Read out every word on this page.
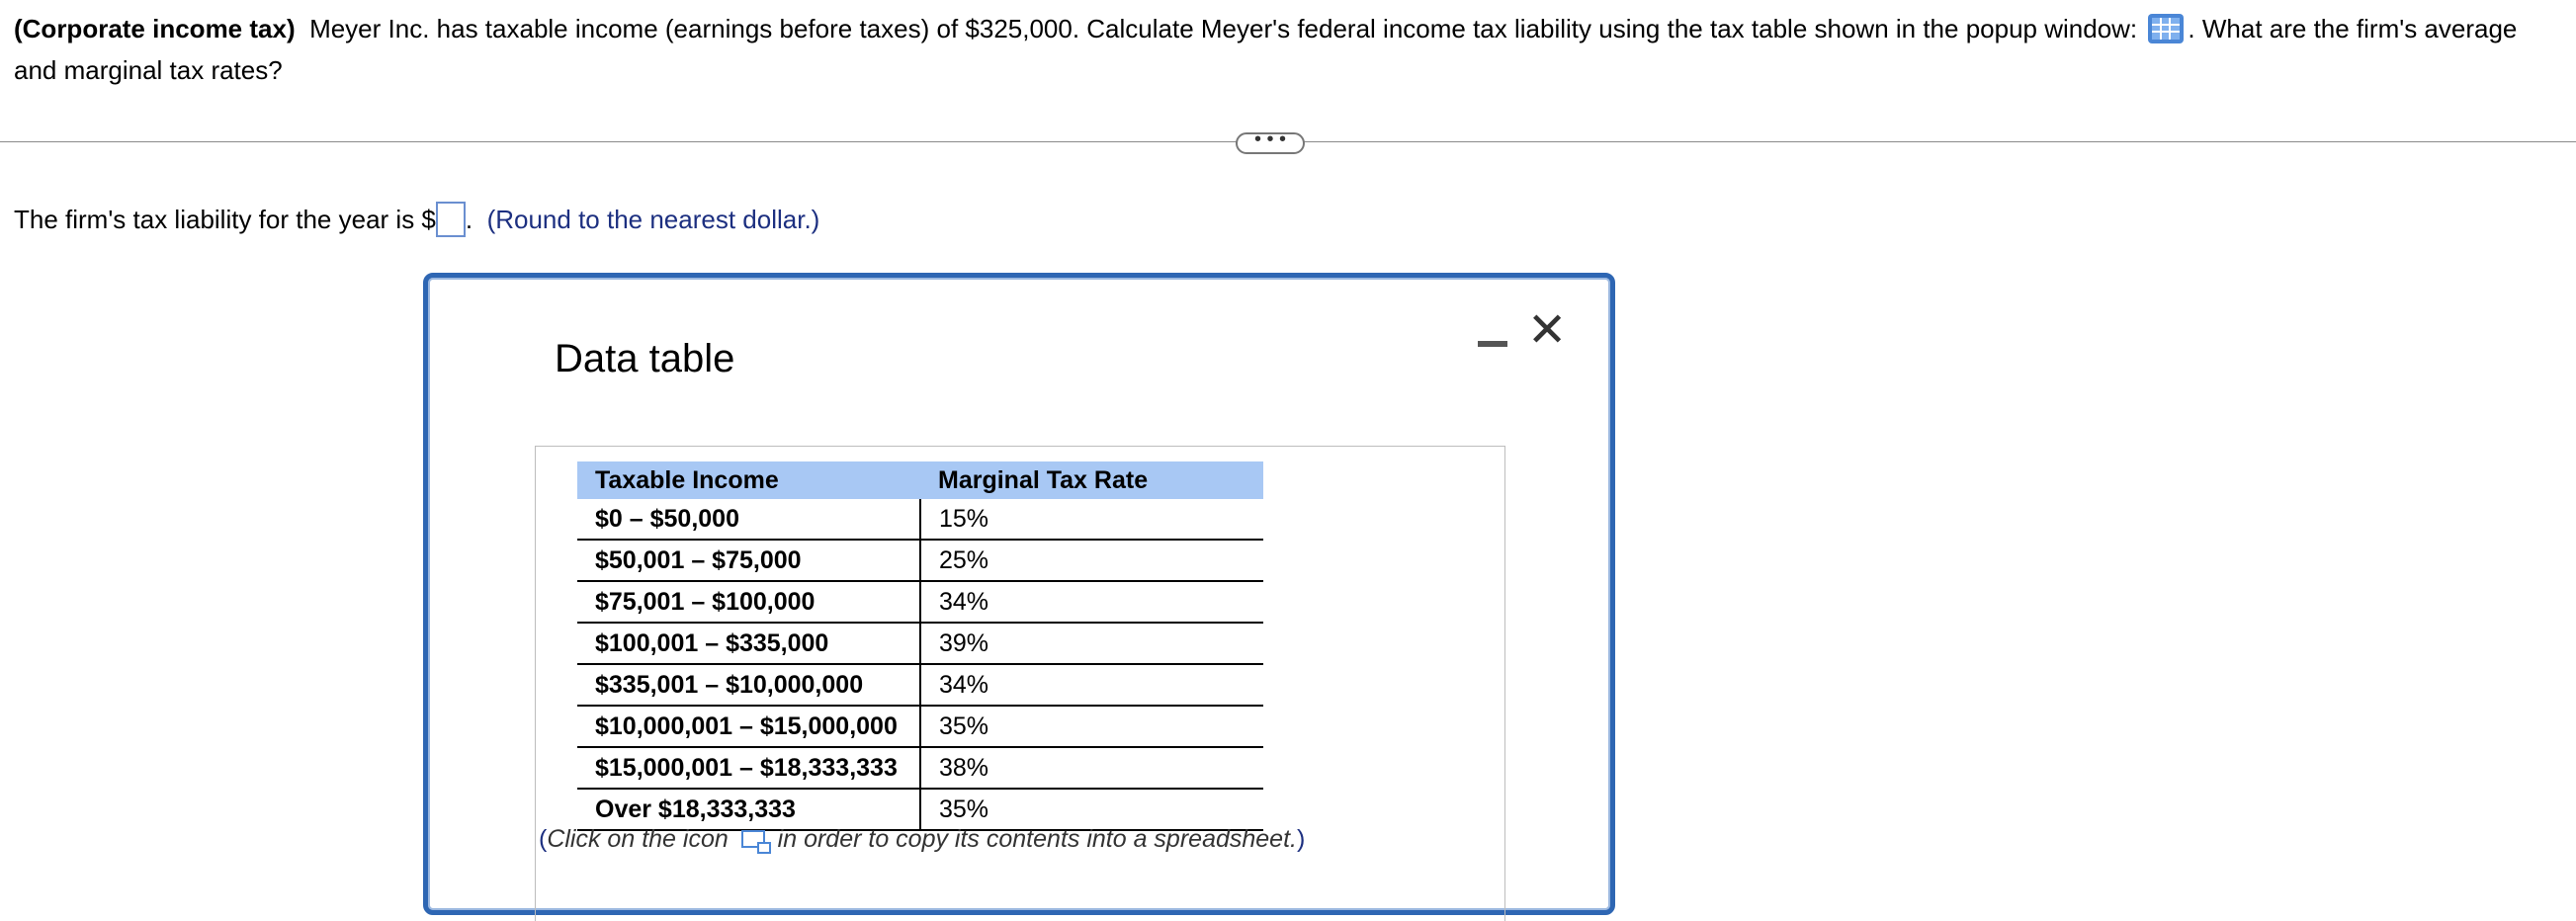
(Corporate income tax) Meyer Inc. has taxable income (earnings before taxes) of $325,000. Calculate Meyer's federal income tax liability using the tax table shown in the popup window: . What are the firm's average and marginal tax rates?
• • •
The firm's tax liability for the year is $ . (Round to the nearest dollar.)
Data table
✕
Taxable Income	Marginal Tax Rate
$0 – $50,000	15%
$50,001 – $75,000	25%
$75,001 – $100,000	34%
$100,001 – $335,000	39%
$335,001 – $10,000,000	34%
$10,000,001 – $15,000,000	35%
$15,000,001 – $18,333,333	38%
Over $18,333,333	35%
(Click on the icon in order to copy its contents into a spreadsheet.)
